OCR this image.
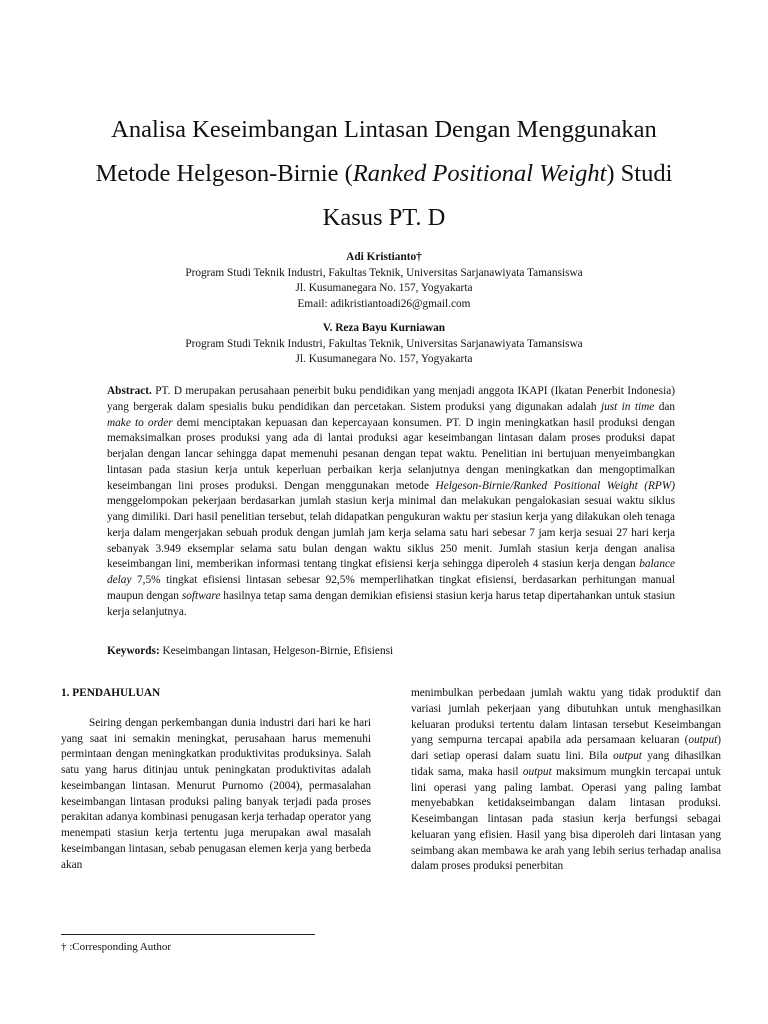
Analisa Keseimbangan Lintasan Dengan Menggunakan
Metode Helgeson-Birnie (Ranked Positional Weight) Studi
Kasus PT. D
Adi Kristianto†
Program Studi Teknik Industri, Fakultas Teknik, Universitas Sarjanawiyata Tamansiswa
Jl. Kusumanegara No. 157, Yogyakarta
Email: adikristiantoadi26@gmail.com
V. Reza Bayu Kurniawan
Program Studi Teknik Industri, Fakultas Teknik, Universitas Sarjanawiyata Tamansiswa
Jl. Kusumanegara No. 157, Yogyakarta

Abstract. PT. D merupakan perusahaan penerbit buku pendidikan yang menjadi anggota IKAPI (Ikatan Penerbit Indonesia) yang bergerak dalam spesialis buku pendidikan dan percetakan. Sistem produksi yang digunakan adalah just in time dan make to order demi menciptakan kepuasan dan kepercayaan konsumen. PT. D ingin meningkatkan hasil produksi dengan memaksimalkan proses produksi yang ada di lantai produksi agar keseimbangan lintasan dalam proses produksi dapat berjalan dengan lancar sehingga dapat memenuhi pesanan dengan tepat waktu. Penelitian ini bertujuan menyeimbangkan lintasan pada stasiun kerja untuk keperluan perbaikan kerja selanjutnya dengan meningkatkan dan mengoptimalkan keseimbangan lini proses produksi. Dengan menggunakan metode Helgeson-Birnie/Ranked Positional Weight (RPW) menggelompokan pekerjaan berdasarkan jumlah stasiun kerja minimal dan melakukan pengalokasian sesuai waktu siklus yang dimiliki. Dari hasil penelitian tersebut, telah didapatkan pengukuran waktu per stasiun kerja yang dilakukan oleh tenaga kerja dalam mengerjakan sebuah produk dengan jumlah jam kerja selama satu hari sebesar 7 jam kerja sesuai 27 hari kerja sebanyak 3.949 eksemplar selama satu bulan dengan waktu siklus 250 menit. Jumlah stasiun kerja dengan analisa keseimbangan lini, memberikan informasi tentang tingkat efisiensi kerja sehingga diperoleh 4 stasiun kerja dengan balance delay 7,5% tingkat efisiensi lintasan sebesar 92,5% memperlihatkan tingkat efisiensi, berdasarkan perhitungan manual maupun dengan software hasilnya tetap sama dengan demikian efisiensi stasiun kerja harus tetap dipertahankan untuk stasiun kerja selanjutnya.

Keywords: Keseimbangan lintasan, Helgeson-Birnie, Efisiensi

1. PENDAHULUAN

Seiring dengan perkembangan dunia industri dari hari ke hari yang saat ini semakin meningkat, perusahaan harus memenuhi permintaan dengan meningkatkan produktivitas produksinya. Salah satu yang harus ditinjau untuk peningkatan produktivitas adalah keseimbangan lintasan. Menurut Purnomo (2004), permasalahan keseimbangan lintasan produksi paling banyak terjadi pada proses perakitan adanya kombinasi penugasan kerja terhadap operator yang menempati stasiun kerja tertentu juga merupakan awal masalah keseimbangan lintasan, sebab penugasan elemen kerja yang berbeda akan

menimbulkan perbedaan jumlah waktu yang tidak produktif dan variasi jumlah pekerjaan yang dibutuhkan untuk menghasilkan keluaran produksi tertentu dalam lintasan tersebut Keseimbangan yang sempurna tercapai apabila ada persamaan keluaran (output) dari setiap operasi dalam suatu lini. Bila output yang dihasilkan tidak sama, maka hasil output maksimum mungkin tercapai untuk lini operasi yang paling lambat. Operasi yang paling lambat menyebabkan ketidakseimbangan dalam lintasan produksi. Keseimbangan lintasan pada stasiun kerja berfungsi sebagai keluaran yang efisien. Hasil yang bisa diperoleh dari lintasan yang seimbang akan membawa ke arah yang lebih serius terhadap analisa dalam proses produksi penerbitan

† :Corresponding Author
